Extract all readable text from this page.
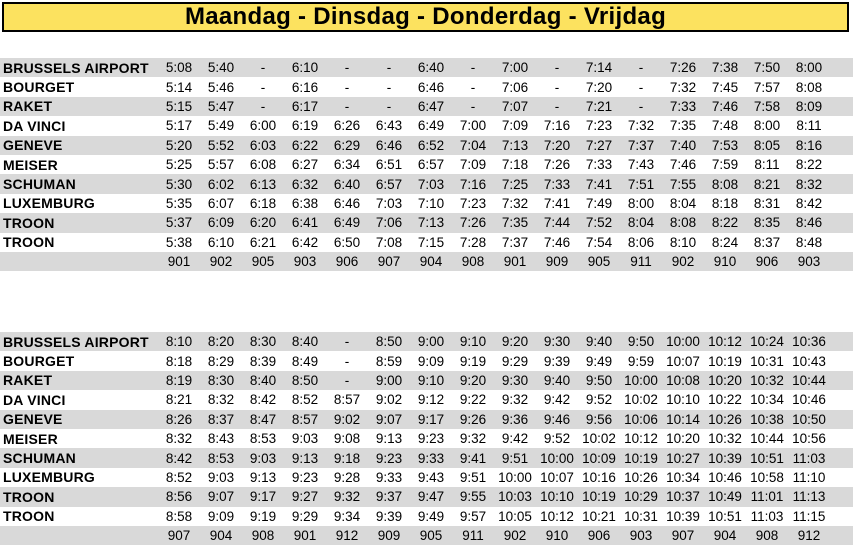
Maandag - Dinsdag - Donderdag - Vrijdag
BRUSSELS AIRPORT	5:08	5:40	-	6:10	-	-	6:40	-	7:00	-	7:14	-	7:26	7:38	7:50	8:00	
BOURGET	5:14	5:46	-	6:16	-	-	6:46	-	7:06	-	7:20	-	7:32	7:45	7:57	8:08	
RAKET	5:15	5:47	-	6:17	-	-	6:47	-	7:07	-	7:21	-	7:33	7:46	7:58	8:09	
DA VINCI	5:17	5:49	6:00	6:19	6:26	6:43	6:49	7:00	7:09	7:16	7:23	7:32	7:35	7:48	8:00	8:11	
GENEVE	5:20	5:52	6:03	6:22	6:29	6:46	6:52	7:04	7:13	7:20	7:27	7:37	7:40	7:53	8:05	8:16	
MEISER	5:25	5:57	6:08	6:27	6:34	6:51	6:57	7:09	7:18	7:26	7:33	7:43	7:46	7:59	8:11	8:22	
SCHUMAN	5:30	6:02	6:13	6:32	6:40	6:57	7:03	7:16	7:25	7:33	7:41	7:51	7:55	8:08	8:21	8:32	
LUXEMBURG	5:35	6:07	6:18	6:38	6:46	7:03	7:10	7:23	7:32	7:41	7:49	8:00	8:04	8:18	8:31	8:42	
TROON	5:37	6:09	6:20	6:41	6:49	7:06	7:13	7:26	7:35	7:44	7:52	8:04	8:08	8:22	8:35	8:46	
TROON	5:38	6:10	6:21	6:42	6:50	7:08	7:15	7:28	7:37	7:46	7:54	8:06	8:10	8:24	8:37	8:48	
	901	902	905	903	906	907	904	908	901	909	905	911	902	910	906	903	
BRUSSELS AIRPORT	8:10	8:20	8:30	8:40	-	8:50	9:00	9:10	9:20	9:30	9:40	9:50	10:00	10:12	10:24	10:36	
BOURGET	8:18	8:29	8:39	8:49	-	8:59	9:09	9:19	9:29	9:39	9:49	9:59	10:07	10:19	10:31	10:43	
RAKET	8:19	8:30	8:40	8:50	-	9:00	9:10	9:20	9:30	9:40	9:50	10:00	10:08	10:20	10:32	10:44	
DA VINCI	8:21	8:32	8:42	8:52	8:57	9:02	9:12	9:22	9:32	9:42	9:52	10:02	10:10	10:22	10:34	10:46	
GENEVE	8:26	8:37	8:47	8:57	9:02	9:07	9:17	9:26	9:36	9:46	9:56	10:06	10:14	10:26	10:38	10:50	
MEISER	8:32	8:43	8:53	9:03	9:08	9:13	9:23	9:32	9:42	9:52	10:02	10:12	10:20	10:32	10:44	10:56	
SCHUMAN	8:42	8:53	9:03	9:13	9:18	9:23	9:33	9:41	9:51	10:00	10:09	10:19	10:27	10:39	10:51	11:03	
LUXEMBURG	8:52	9:03	9:13	9:23	9:28	9:33	9:43	9:51	10:00	10:07	10:16	10:26	10:34	10:46	10:58	11:10	
TROON	8:56	9:07	9:17	9:27	9:32	9:37	9:47	9:55	10:03	10:10	10:19	10:29	10:37	10:49	11:01	11:13	
TROON	8:58	9:09	9:19	9:29	9:34	9:39	9:49	9:57	10:05	10:12	10:21	10:31	10:39	10:51	11:03	11:15	
	907	904	908	901	912	909	905	911	902	910	906	903	907	904	908	912	
